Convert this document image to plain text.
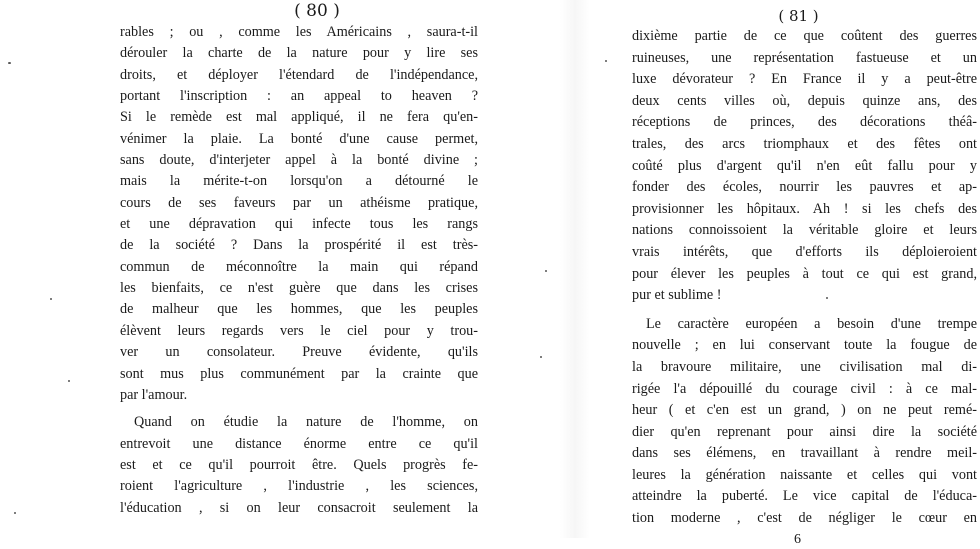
( 80 )

rables ; ou , comme les Américains , saura-t-il
dérouler la charte de la nature pour y lire ses
droits, et déployer l'étendard de l'indépendance,
portant l'inscription : an appeal to heaven ?
Si le remède est mal appliqué, il ne fera qu'en-
vénimer la plaie. La bonté d'une cause permet,
sans doute, d'interjeter appel à la bonté divine ;
mais la mérite-t-on lorsqu'on a détourné le
cours de ses faveurs par un athéisme pratique,
et une dépravation qui infecte tous les rangs
de la société ? Dans la prospérité il est très-
commun de méconnoître la main qui répand
les bienfaits, ce n'est guère que dans les crises
de malheur que les hommes, que les peuples
élèvent leurs regards vers le ciel pour y trou-
ver un consolateur. Preuve évidente, qu'ils
sont mus plus communément par la crainte que
par l'amour.
Quand on étudie la nature de l'homme, on
entrevoit une distance énorme entre ce qu'il
est et ce qu'il pourroit être. Quels progrès fe-
roient l'agriculture , l'industrie , les sciences,
l'éducation , si on leur consacroit seulement la

( 81 )

dixième partie de ce que coûtent des guerres
ruineuses, une représentation fastueuse et un
luxe dévorateur ? En France il y a peut-être
deux cents villes où, depuis quinze ans, des
réceptions de princes, des décorations théâ-
trales, des arcs triomphaux et des fêtes ont
coûté plus d'argent qu'il n'en eût fallu pour y
fonder des écoles, nourrir les pauvres et ap-
provisionner les hôpitaux. Ah ! si les chefs des
nations connoissoient la véritable gloire et leurs
vrais intérêts, que d'efforts ils déploieroient
pour élever les peuples à tout ce qui est grand,
pur et sublime !
Le caractère européen a besoin d'une trempe
nouvelle ; en lui conservant toute la fougue de
la bravoure militaire, une civilisation mal di-
rigée l'a dépouillé du courage civil : à ce mal-
heur ( et c'en est un grand, ) on ne peut remé-
dier qu'en reprenant pour ainsi dire la société
dans ses élémens, en travaillant à rendre meil-
leures la génération naissante et celles qui vont
atteindre la puberté. Le vice capital de l'éduca-
tion moderne , c'est de négliger le cœur en
6
